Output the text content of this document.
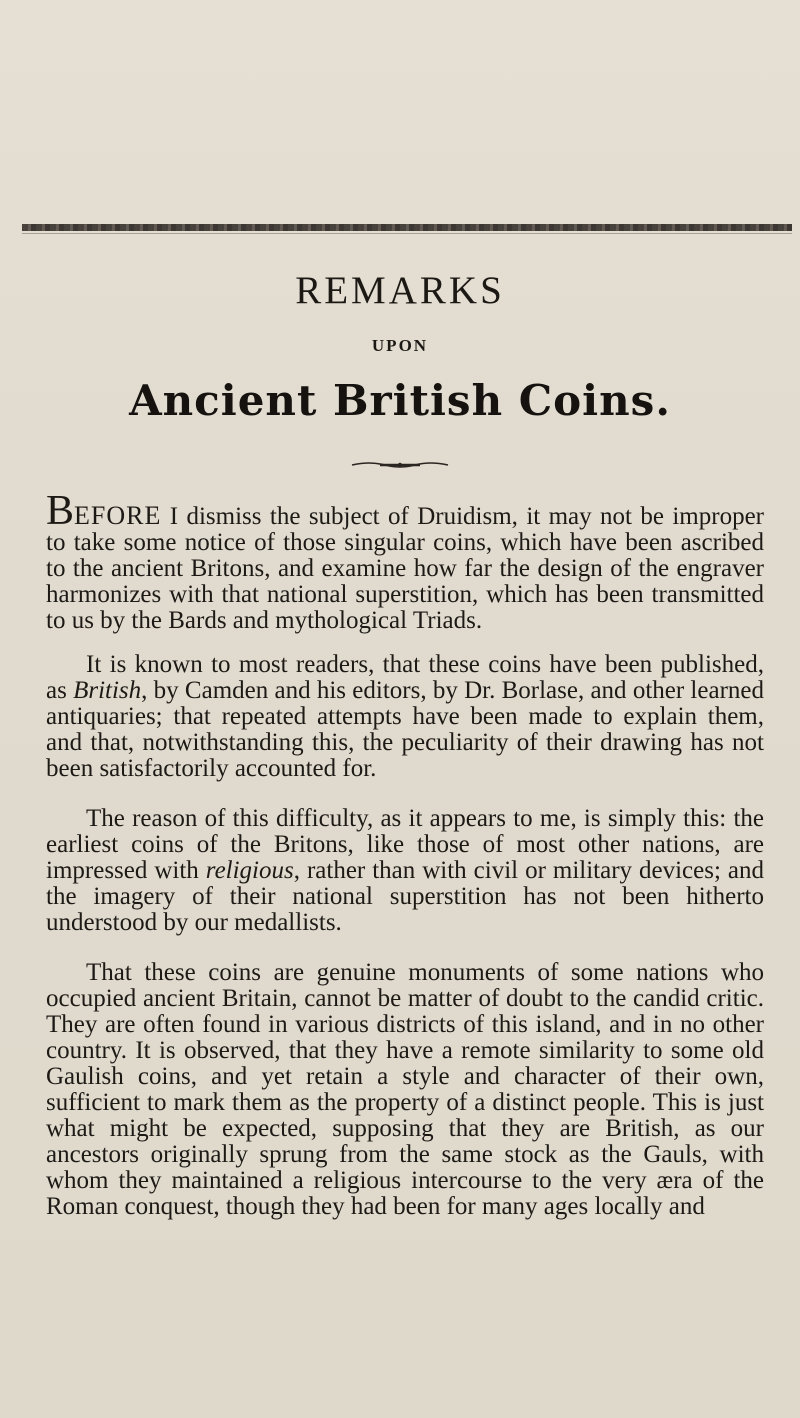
REMARKS
UPON
Ancient British Coins.
BEFORE I dismiss the subject of Druidism, it may not be improper to take some notice of those singular coins, which have been ascribed to the ancient Britons, and examine how far the design of the engraver harmonizes with that national superstition, which has been transmitted to us by the Bards and mythological Triads.
It is known to most readers, that these coins have been published, as British, by Camden and his editors, by Dr. Borlase, and other learned antiquaries; that repeated attempts have been made to explain them, and that, notwithstanding this, the peculiarity of their drawing has not been satisfactorily accounted for.
The reason of this difficulty, as it appears to me, is simply this: the earliest coins of the Britons, like those of most other nations, are impressed with religious, rather than with civil or military devices; and the imagery of their national superstition has not been hitherto understood by our medallists.
That these coins are genuine monuments of some nations who occupied ancient Britain, cannot be matter of doubt to the candid critic. They are often found in various districts of this island, and in no other country. It is observed, that they have a remote similarity to some old Gaulish coins, and yet retain a style and character of their own, sufficient to mark them as the property of a distinct people. This is just what might be expected, supposing that they are British, as our ancestors originally sprung from the same stock as the Gauls, with whom they maintained a religious intercourse to the very æra of the Roman conquest, though they had been for many ages locally and
